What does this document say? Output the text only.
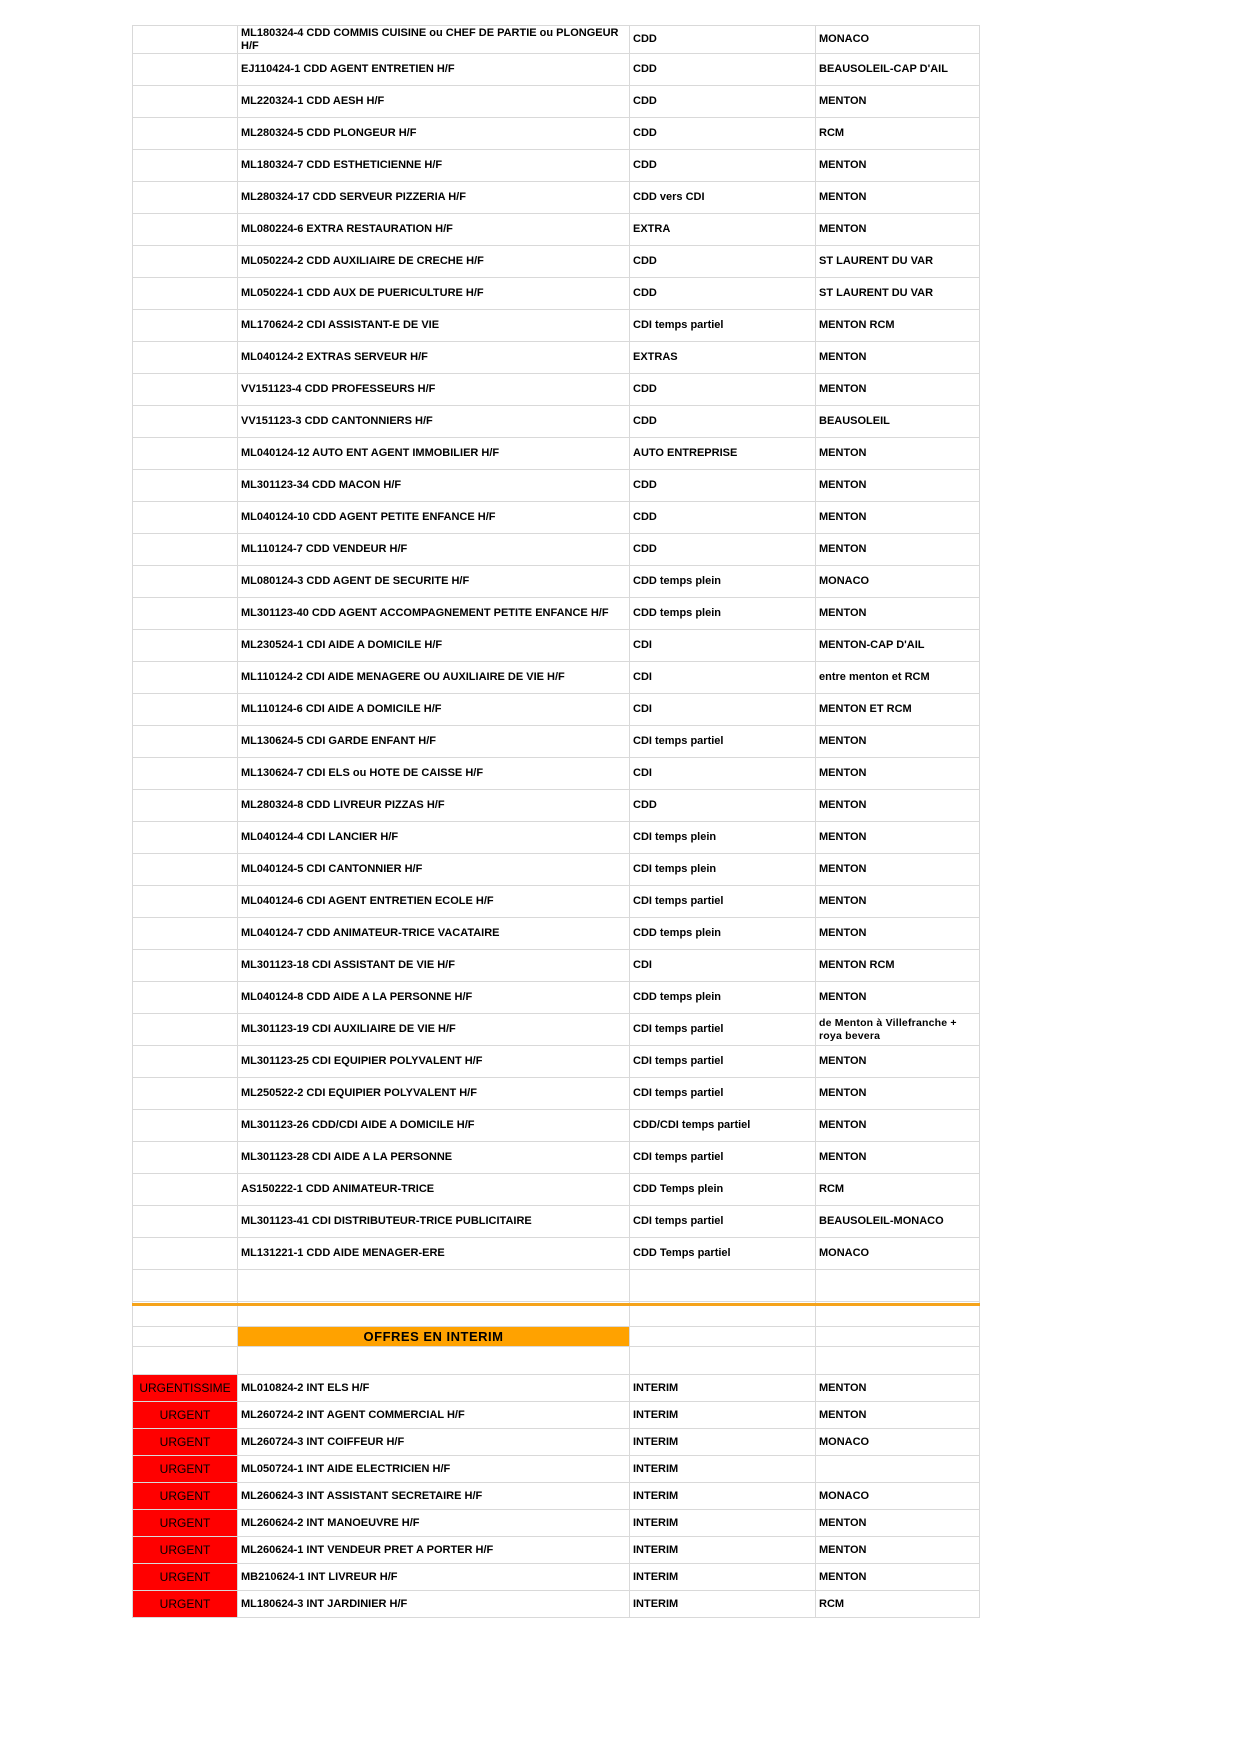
	ML180324-4 CDD COMMIS CUISINE ou CHEF DE PARTIE ou PLONGEUR H/F	CDD	MONACO
	EJ110424-1 CDD AGENT ENTRETIEN H/F	CDD	BEAUSOLEIL-CAP D'AIL
	ML220324-1 CDD AESH H/F	CDD	MENTON
	ML280324-5 CDD PLONGEUR H/F	CDD	RCM
	ML180324-7 CDD ESTHETICIENNE H/F	CDD	MENTON
	ML280324-17 CDD SERVEUR PIZZERIA H/F	CDD vers CDI	MENTON
	ML080224-6 EXTRA RESTAURATION H/F	EXTRA	MENTON
	ML050224-2 CDD AUXILIAIRE DE CRECHE H/F	CDD	ST LAURENT DU VAR
	ML050224-1 CDD AUX DE PUERICULTURE H/F	CDD	ST LAURENT DU VAR
	ML170624-2 CDI ASSISTANT-E DE VIE	CDI temps partiel	MENTON RCM
	ML040124-2 EXTRAS SERVEUR H/F	EXTRAS	MENTON
	VV151123-4 CDD PROFESSEURS H/F	CDD	MENTON
	VV151123-3 CDD CANTONNIERS H/F	CDD	BEAUSOLEIL
	ML040124-12 AUTO ENT AGENT IMMOBILIER H/F	AUTO ENTREPRISE	MENTON
	ML301123-34 CDD MACON H/F	CDD	MENTON
	ML040124-10 CDD AGENT PETITE ENFANCE H/F	CDD	MENTON
	ML110124-7 CDD VENDEUR H/F	CDD	MENTON
	ML080124-3 CDD AGENT DE SECURITE H/F	CDD temps plein	MONACO
	ML301123-40 CDD AGENT ACCOMPAGNEMENT PETITE ENFANCE H/F	CDD temps plein	MENTON
	ML230524-1 CDI AIDE A DOMICILE H/F	CDI	MENTON-CAP D'AIL
	ML110124-2 CDI AIDE MENAGERE OU AUXILIAIRE DE VIE H/F	CDI	entre menton et RCM
	ML110124-6 CDI AIDE A DOMICILE H/F	CDI	MENTON ET RCM
	ML130624-5 CDI GARDE ENFANT H/F	CDI temps partiel	MENTON
	ML130624-7 CDI ELS ou HOTE DE CAISSE H/F	CDI	MENTON
	ML280324-8 CDD LIVREUR PIZZAS H/F	CDD	MENTON
	ML040124-4 CDI LANCIER H/F	CDI temps plein	MENTON
	ML040124-5 CDI CANTONNIER H/F	CDI temps plein	MENTON
	ML040124-6 CDI AGENT ENTRETIEN ECOLE H/F	CDI temps partiel	MENTON
	ML040124-7 CDD ANIMATEUR-TRICE VACATAIRE	CDD temps plein	MENTON
	ML301123-18 CDI ASSISTANT DE VIE H/F	CDI	MENTON RCM
	ML040124-8 CDD AIDE A LA PERSONNE H/F	CDD temps plein	MENTON
	ML301123-19 CDI AUXILIAIRE DE VIE H/F	CDI temps partiel	de Menton à Villefranche + roya bevera
	ML301123-25 CDI EQUIPIER POLYVALENT H/F	CDI temps partiel	MENTON
	ML250522-2 CDI EQUIPIER POLYVALENT H/F	CDI temps partiel	MENTON
	ML301123-26 CDD/CDI AIDE A DOMICILE H/F	CDD/CDI temps partiel	MENTON
	ML301123-28 CDI AIDE A LA PERSONNE	CDI temps partiel	MENTON
	AS150222-1 CDD ANIMATEUR-TRICE	CDD Temps plein	RCM
	ML301123-41 CDI DISTRIBUTEUR-TRICE PUBLICITAIRE	CDI temps partiel	BEAUSOLEIL-MONACO
	ML131221-1 CDD AIDE MENAGER-ERE	CDD Temps partiel	MONACO

	OFFRES EN INTERIM		

URGENTISSIME	ML010824-2 INT ELS H/F	INTERIM	MENTON
URGENT	ML260724-2 INT AGENT COMMERCIAL H/F	INTERIM	MENTON
URGENT	ML260724-3 INT COIFFEUR H/F	INTERIM	MONACO
URGENT	ML050724-1 INT AIDE ELECTRICIEN H/F	INTERIM	
URGENT	ML260624-3 INT ASSISTANT SECRETAIRE H/F	INTERIM	MONACO
URGENT	ML260624-2 INT MANOEUVRE H/F	INTERIM	MENTON
URGENT	ML260624-1 INT VENDEUR PRET A PORTER H/F	INTERIM	MENTON
URGENT	MB210624-1 INT LIVREUR H/F	INTERIM	MENTON
URGENT	ML180624-3 INT JARDINIER H/F	INTERIM	RCM
